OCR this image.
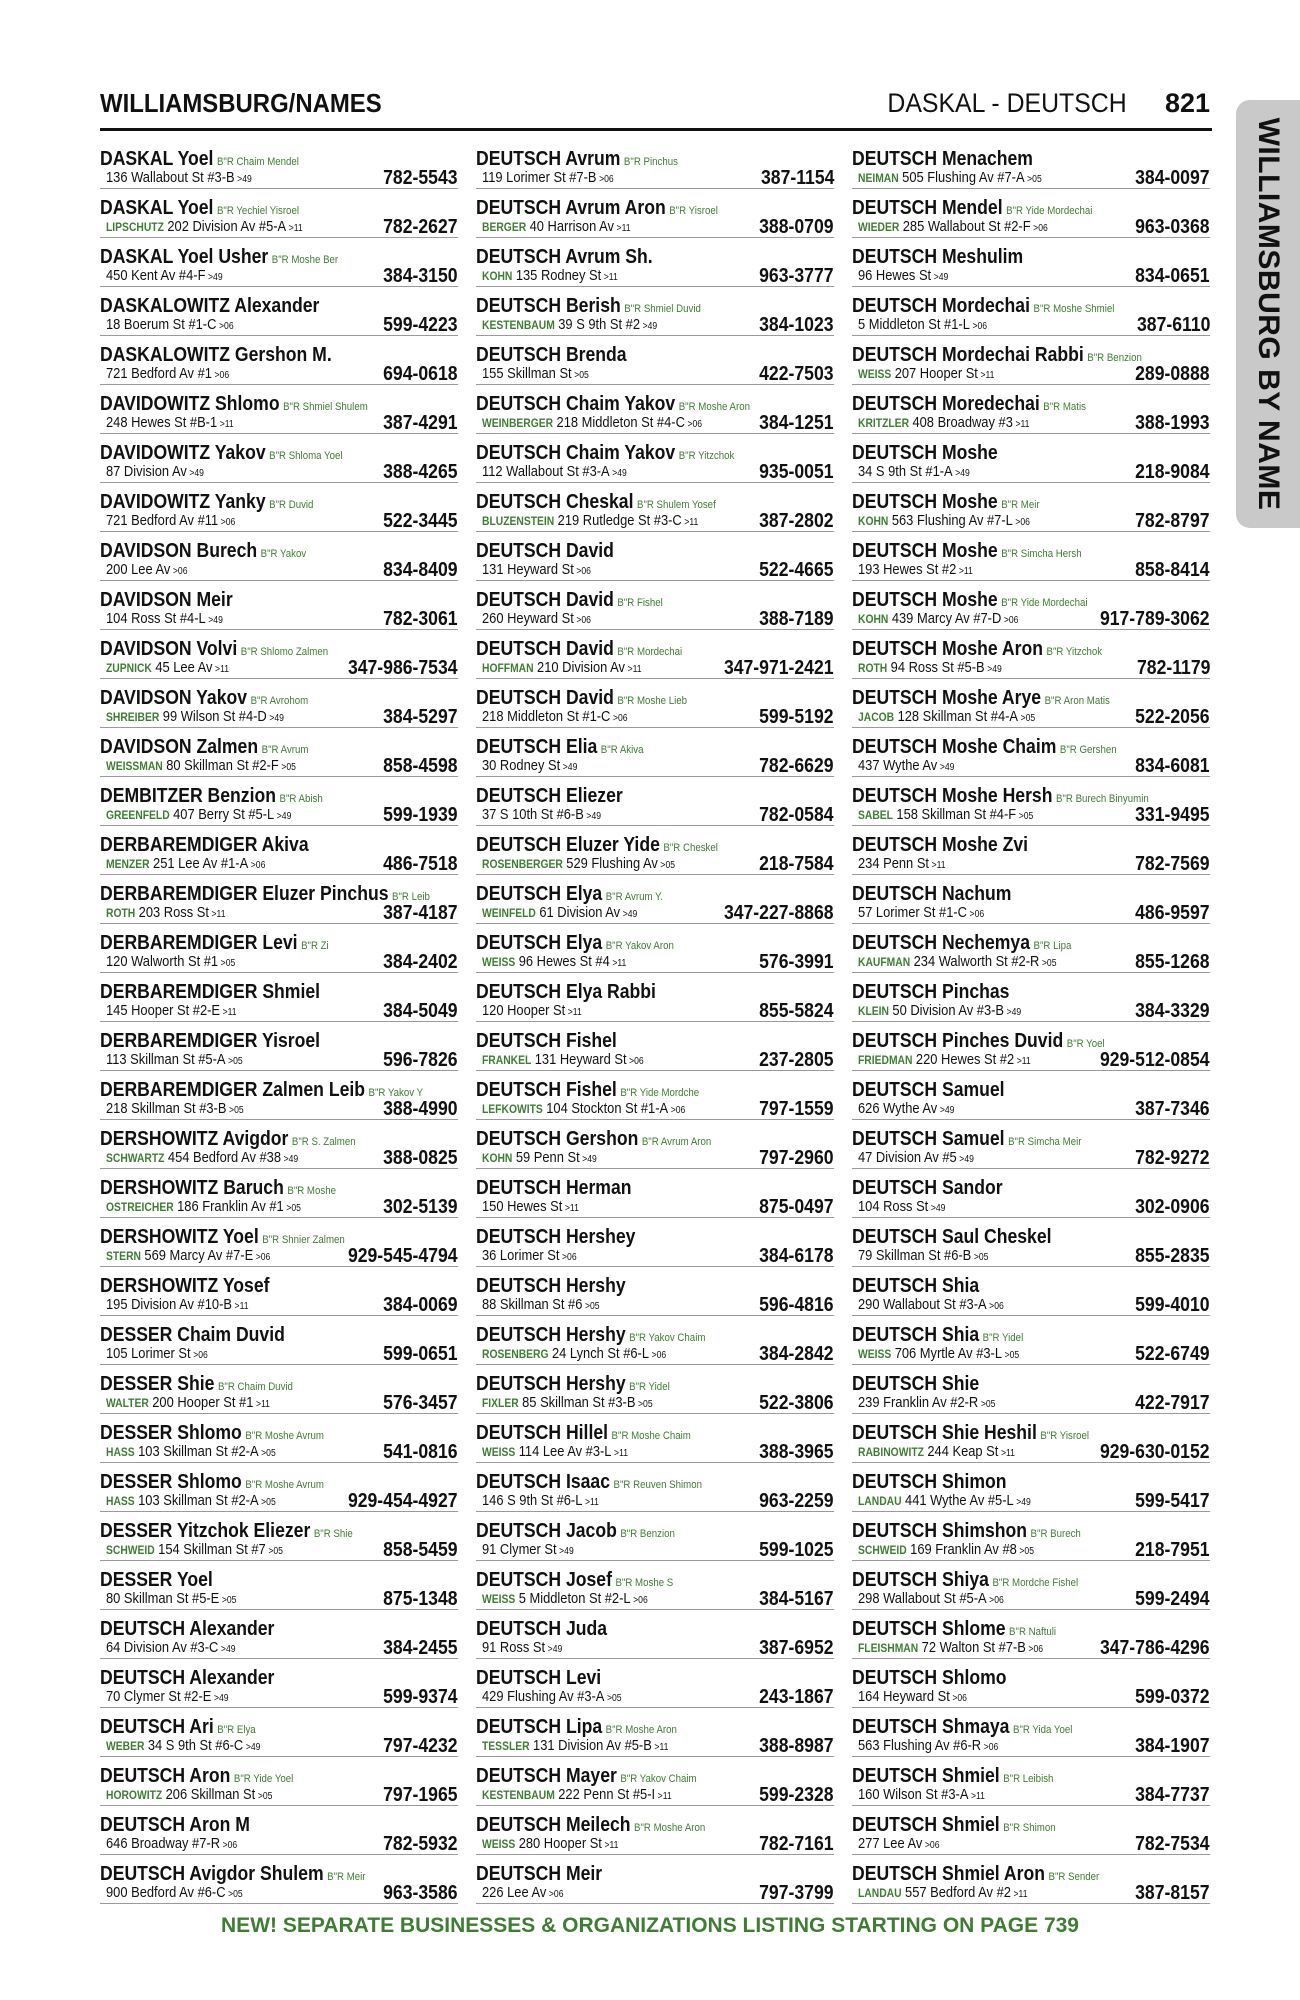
WILLIAMSBURG/NAMES	DASKAL - DEUTSCH 821
WILLIAMSBURG BY NAME
DASKAL Yoel B"R Chaim Mendel
136 Wallabout St #3-B >49	782-5543
DASKAL Yoel B"R Yechiel Yisroel
LIPSCHUTZ 202 Division Av #5-A >11	782-2627
DASKAL Yoel Usher B"R Moshe Ber
450 Kent Av #4-F >49	384-3150
DASKALOWITZ Alexander
18 Boerum St #1-C >06	599-4223
DASKALOWITZ Gershon M.
721 Bedford Av #1 >06	694-0618
DAVIDOWITZ Shlomo B"R Shmiel Shulem
248 Hewes St #B-1 >11	387-4291
DAVIDOWITZ Yakov B"R Shloma Yoel
87 Division Av >49	388-4265
DAVIDOWITZ Yanky B"R Duvid
721 Bedford Av #11 >06	522-3445
DAVIDSON Burech B"R Yakov
200 Lee Av >06	834-8409
DAVIDSON Meir
104 Ross St #4-L >49	782-3061
DAVIDSON Volvi B"R Shlomo Zalmen
ZUPNICK 45 Lee Av >11	347-986-7534
DAVIDSON Yakov B"R Avrohom
SHREIBER 99 Wilson St #4-D >49	384-5297
DAVIDSON Zalmen B"R Avrum
WEISSMAN 80 Skillman St #2-F >05	858-4598
DEMBITZER Benzion B"R Abish
GREENFELD 407 Berry St #5-L >49	599-1939
DERBAREMDIGER Akiva
MENZER 251 Lee Av #1-A >06	486-7518
DERBAREMDIGER Eluzer Pinchus B"R Leib
ROTH 203 Ross St >11	387-4187
DERBAREMDIGER Levi B"R Zi
120 Walworth St #1 >05	384-2402
DERBAREMDIGER Shmiel
145 Hooper St #2-E >11	384-5049
DERBAREMDIGER Yisroel
113 Skillman St #5-A >05	596-7826
DERBAREMDIGER Zalmen Leib B"R Yakov Y
218 Skillman St #3-B >05	388-4990
DERSHOWITZ Avigdor B"R S. Zalmen
SCHWARTZ 454 Bedford Av #38 >49	388-0825
DERSHOWITZ Baruch B"R Moshe
OSTREICHER 186 Franklin Av #1 >05	302-5139
DERSHOWITZ Yoel B"R Shnier Zalmen
STERN 569 Marcy Av #7-E >06	929-545-4794
DERSHOWITZ Yosef
195 Division Av #10-B >11	384-0069
DESSER Chaim Duvid
105 Lorimer St >06	599-0651
DESSER Shie B"R Chaim Duvid
WALTER 200 Hooper St #1 >11	576-3457
DESSER Shlomo B"R Moshe Avrum
HASS 103 Skillman St #2-A >05	541-0816
DESSER Shlomo B"R Moshe Avrum
HASS 103 Skillman St #2-A >05	929-454-4927
DESSER Yitzchok Eliezer B"R Shie
SCHWEID 154 Skillman St #7 >05	858-5459
DESSER Yoel
80 Skillman St #5-E >05	875-1348
DEUTSCH Alexander
64 Division Av #3-C >49	384-2455
DEUTSCH Alexander
70 Clymer St #2-E >49	599-9374
DEUTSCH Ari B"R Elya
WEBER 34 S 9th St #6-C >49	797-4232
DEUTSCH Aron B"R Yide Yoel
HOROWITZ 206 Skillman St >05	797-1965
DEUTSCH Aron M
646 Broadway #7-R >06	782-5932
DEUTSCH Avigdor Shulem B"R Meir
900 Bedford Av #6-C >05	963-3586
DEUTSCH Avrum B"R Pinchus
119 Lorimer St #7-B >06	387-1154
DEUTSCH Avrum Aron B"R Yisroel
BERGER 40 Harrison Av >11	388-0709
DEUTSCH Avrum Sh.
KOHN 135 Rodney St >11	963-3777
DEUTSCH Berish B"R Shmiel Duvid
KESTENBAUM 39 S 9th St #2 >49	384-1023
DEUTSCH Brenda
155 Skillman St >05	422-7503
DEUTSCH Chaim Yakov B"R Moshe Aron
WEINBERGER 218 Middleton St #4-C >06	384-1251
DEUTSCH Chaim Yakov B"R Yitzchok
112 Wallabout St #3-A >49	935-0051
DEUTSCH Cheskal B"R Shulem Yosef
BLUZENSTEIN 219 Rutledge St #3-C >11	387-2802
DEUTSCH David
131 Heyward St >06	522-4665
DEUTSCH David B"R Fishel
260 Heyward St >06	388-7189
DEUTSCH David B"R Mordechai
HOFFMAN 210 Division Av >11	347-971-2421
DEUTSCH David B"R Moshe Lieb
218 Middleton St #1-C >06	599-5192
DEUTSCH Elia B"R Akiva
30 Rodney St >49	782-6629
DEUTSCH Eliezer
37 S 10th St #6-B >49	782-0584
DEUTSCH Eluzer Yide B"R Cheskel
ROSENBERGER 529 Flushing Av >05	218-7584
DEUTSCH Elya B"R Avrum Y.
WEINFELD 61 Division Av >49	347-227-8868
DEUTSCH Elya B"R Yakov Aron
WEISS 96 Hewes St #4 >11	576-3991
DEUTSCH Elya Rabbi
120 Hooper St >11	855-5824
DEUTSCH Fishel
FRANKEL 131 Heyward St >06	237-2805
DEUTSCH Fishel B"R Yide Mordche
LEFKOWITS 104 Stockton St #1-A >06	797-1559
DEUTSCH Gershon B"R Avrum Aron
KOHN 59 Penn St >49	797-2960
DEUTSCH Herman
150 Hewes St >11	875-0497
DEUTSCH Hershey
36 Lorimer St >06	384-6178
DEUTSCH Hershy
88 Skillman St #6 >05	596-4816
DEUTSCH Hershy B"R Yakov Chaim
ROSENBERG 24 Lynch St #6-L >06	384-2842
DEUTSCH Hershy B"R Yidel
FIXLER 85 Skillman St #3-B >05	522-3806
DEUTSCH Hillel B"R Moshe Chaim
WEISS 114 Lee Av #3-L >11	388-3965
DEUTSCH Isaac B"R Reuven Shimon
146 S 9th St #6-L >11	963-2259
DEUTSCH Jacob B"R Benzion
91 Clymer St >49	599-1025
DEUTSCH Josef B"R Moshe S
WEISS 5 Middleton St #2-L >06	384-5167
DEUTSCH Juda
91 Ross St >49	387-6952
DEUTSCH Levi
429 Flushing Av #3-A >05	243-1867
DEUTSCH Lipa B"R Moshe Aron
TESSLER 131 Division Av #5-B >11	388-8987
DEUTSCH Mayer B"R Yakov Chaim
KESTENBAUM 222 Penn St #5-I >11	599-2328
DEUTSCH Meilech B"R Moshe Aron
WEISS 280 Hooper St >11	782-7161
DEUTSCH Meir
226 Lee Av >06	797-3799
DEUTSCH Menachem
NEIMAN 505 Flushing Av #7-A >05	384-0097
DEUTSCH Mendel B"R Yide Mordechai
WIEDER 285 Wallabout St #2-F >06	963-0368
DEUTSCH Meshulim
96 Hewes St >49	834-0651
DEUTSCH Mordechai B"R Moshe Shmiel
5 Middleton St #1-L >06	387-6110
DEUTSCH Mordechai Rabbi B"R Benzion
WEISS 207 Hooper St >11	289-0888
DEUTSCH Moredechai B"R Matis
KRITZLER 408 Broadway #3 >11	388-1993
DEUTSCH Moshe
34 S 9th St #1-A >49	218-9084
DEUTSCH Moshe B"R Meir
KOHN 563 Flushing Av #7-L >06	782-8797
DEUTSCH Moshe B"R Simcha Hersh
193 Hewes St #2 >11	858-8414
DEUTSCH Moshe B"R Yide Mordechai
KOHN 439 Marcy Av #7-D >06	917-789-3062
DEUTSCH Moshe Aron B"R Yitzchok
ROTH 94 Ross St #5-B >49	782-1179
DEUTSCH Moshe Arye B"R Aron Matis
JACOB 128 Skillman St #4-A >05	522-2056
DEUTSCH Moshe Chaim B"R Gershen
437 Wythe Av >49	834-6081
DEUTSCH Moshe Hersh B"R Burech Binyumin
SABEL 158 Skillman St #4-F >05	331-9495
DEUTSCH Moshe Zvi
234 Penn St >11	782-7569
DEUTSCH Nachum
57 Lorimer St #1-C >06	486-9597
DEUTSCH Nechemya B"R Lipa
KAUFMAN 234 Walworth St #2-R >05	855-1268
DEUTSCH Pinchas
KLEIN 50 Division Av #3-B >49	384-3329
DEUTSCH Pinches Duvid B"R Yoel
FRIEDMAN 220 Hewes St #2 >11	929-512-0854
DEUTSCH Samuel
626 Wythe Av >49	387-7346
DEUTSCH Samuel B"R Simcha Meir
47 Division Av #5 >49	782-9272
DEUTSCH Sandor
104 Ross St >49	302-0906
DEUTSCH Saul Cheskel
79 Skillman St #6-B >05	855-2835
DEUTSCH Shia
290 Wallabout St #3-A >06	599-4010
DEUTSCH Shia B"R Yidel
WEISS 706 Myrtle Av #3-L >05	522-6749
DEUTSCH Shie
239 Franklin Av #2-R >05	422-7917
DEUTSCH Shie Heshil B"R Yisroel
RABINOWITZ 244 Keap St >11	929-630-0152
DEUTSCH Shimon
LANDAU 441 Wythe Av #5-L >49	599-5417
DEUTSCH Shimshon B"R Burech
SCHWEID 169 Franklin Av #8 >05	218-7951
DEUTSCH Shiya B"R Mordche Fishel
298 Wallabout St #5-A >06	599-2494
DEUTSCH Shlome B"R Naftuli
FLEISHMAN 72 Walton St #7-B >06	347-786-4296
DEUTSCH Shlomo
164 Heyward St >06	599-0372
DEUTSCH Shmaya B"R Yida Yoel
563 Flushing Av #6-R >06	384-1907
DEUTSCH Shmiel B"R Leibish
160 Wilson St #3-A >11	384-7737
DEUTSCH Shmiel B"R Shimon
277 Lee Av >06	782-7534
DEUTSCH Shmiel Aron B"R Sender
LANDAU 557 Bedford Av #2 >11	387-8157
NEW! SEPARATE BUSINESSES & ORGANIZATIONS LISTING STARTING ON PAGE 739
